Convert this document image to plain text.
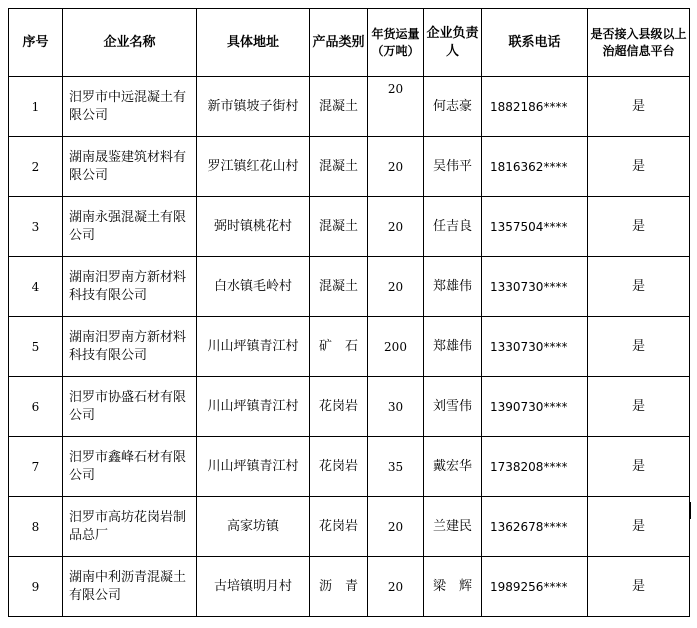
序号	企业名称	具体地址	产品类别	年货运量（万吨）	企业负责人	联系电话	是否接入县级以上治超信息平台
1	汨罗市中远混凝土有限公司	新市镇坡子街村	混凝土	20	何志豪	1882186****	是
2	湖南晟鉴建筑材料有限公司	罗江镇红花山村	混凝土	20	吴伟平	1816362****	是
3	湖南永强混凝土有限公司	弼时镇桃花村	混凝土	20	任吉良	1357504****	是
4	湖南汨罗南方新材料科技有限公司	白水镇毛岭村	混凝土	20	郑雄伟	1330730****	是
5	湖南汨罗南方新材料科技有限公司	川山坪镇青江村	矿　石	200	郑雄伟	1330730****	是
6	汨罗市协盛石材有限公司	川山坪镇青江村	花岗岩	30	刘雪伟	1390730****	是
7	汨罗市鑫峰石材有限公司	川山坪镇青江村	花岗岩	35	戴宏华	1738208****	是
8	汨罗市高坊花岗岩制品总厂	高家坊镇	花岗岩	20	兰建民	1362678****	是
9	湖南中利沥青混凝土有限公司	古培镇明月村	沥　青	20	梁　辉	1989256****	是
